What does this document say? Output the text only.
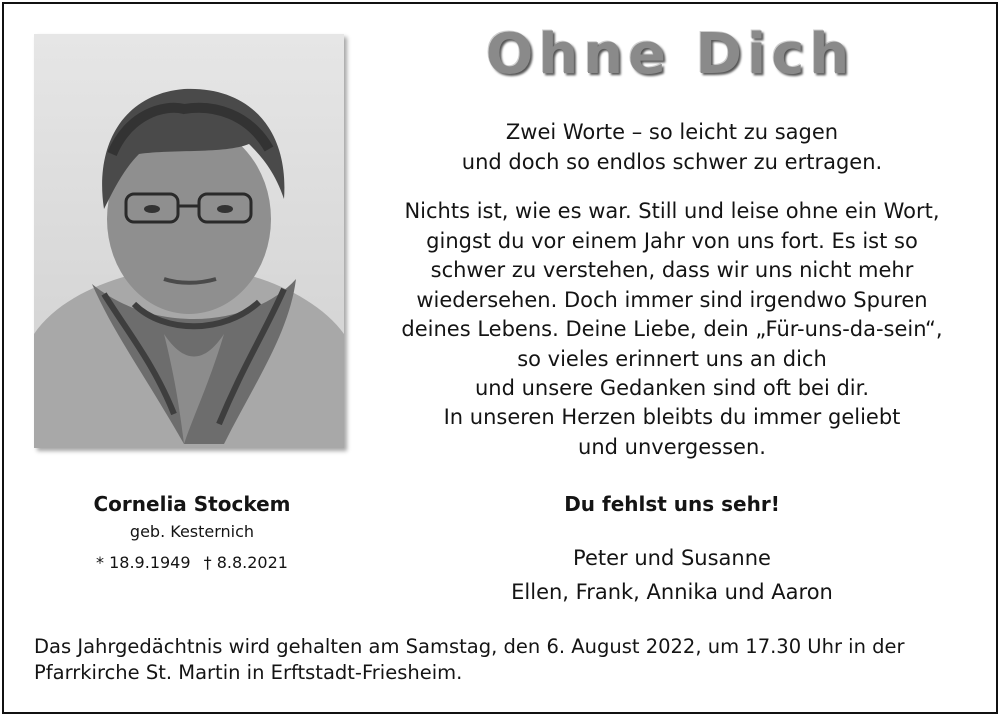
Ohne Dich
Zwei Worte – so leicht zu sagen
und doch so endlos schwer zu ertragen.
Nichts ist, wie es war. Still und leise ohne ein Wort,
gingst du vor einem Jahr von uns fort. Es ist so
schwer zu verstehen, dass wir uns nicht mehr
wiedersehen. Doch immer sind irgendwo Spuren
deines Lebens. Deine Liebe, dein „Für-uns-da-sein“,
so vieles erinnert uns an dich
und unsere Gedanken sind oft bei dir.
In unseren Herzen bleibts du immer geliebt
und unvergessen.
Cornelia Stockem
geb. Kesternich
* 18.9.1949 † 8.8.2021
Du fehlst uns sehr!
Peter und Susanne
Ellen, Frank, Annika und Aaron
Das Jahrgedächtnis wird gehalten am Samstag, den 6. August 2022, um 17.30 Uhr in der
Pfarrkirche St. Martin in Erftstadt-Friesheim.
